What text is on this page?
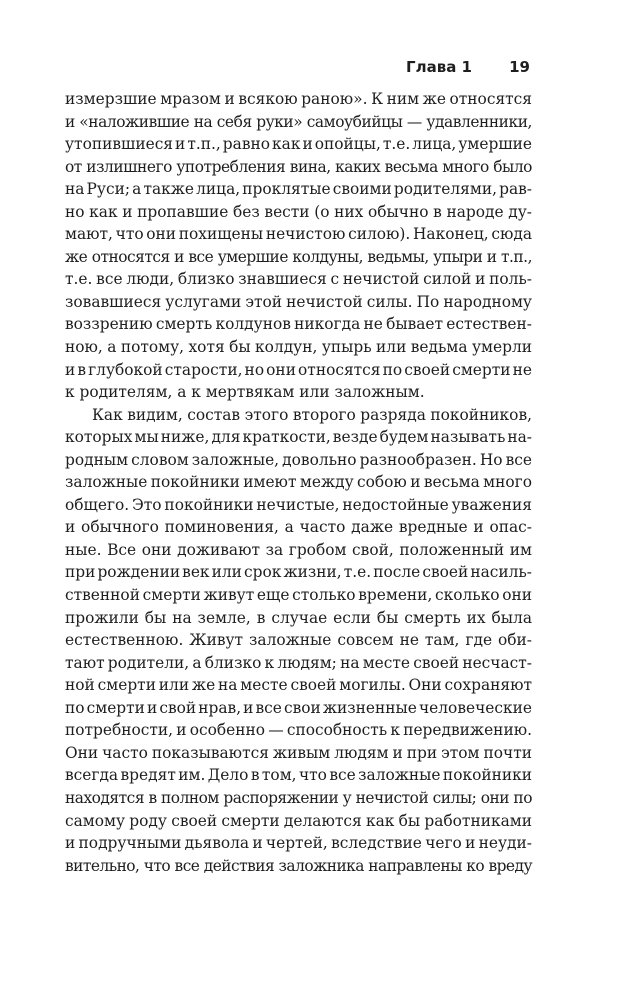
Глава 1 19
измерзшие мразом и всякою раною». К ним же относятся
и «наложившие на себя руки» самоубийцы — удавленники,
утопившиеся и т.п., равно как и опойцы, т.е. лица, умершие
от излишнего употребления вина, каких весьма много было
на Руси; а также лица, проклятые своими родителями, рав-
но как и пропавшие без вести (о них обычно в народе ду-
мают, что они похищены нечистою силою). Наконец, сюда
же относятся и все умершие колдуны, ведьмы, упыри и т.п.,
т.е. все люди, близко знавшиеся с нечистой силой и поль-
зовавшиеся услугами этой нечистой силы. По народному
воззрению смерть колдунов никогда не бывает естествен-
ною, а потому, хотя бы колдун, упырь или ведьма умерли
и в глубокой старости, но они относятся по своей смерти не
к родителям, а к мертвякам или заложным.
Как видим, состав этого второго разряда покойников,
которых мы ниже, для краткости, везде будем называть на-
родным словом заложные, довольно разнообразен. Но все
заложные покойники имеют между собою и весьма много
общего. Это покойники нечистые, недостойные уважения
и обычного поминовения, а часто даже вредные и опас-
ные. Все они доживают за гробом свой, положенный им
при рождении век или срок жизни, т.е. после своей насиль-
ственной смерти живут еще столько времени, сколько они
прожили бы на земле, в случае если бы смерть их была
естественною. Живут заложные совсем не там, где оби-
тают родители, а близко к людям; на месте своей несчаст-
ной смерти или же на месте своей могилы. Они сохраняют
по смерти и свой нрав, и все свои жизненные человеческие
потребности, и особенно — способность к передвижению.
Они часто показываются живым людям и при этом почти
всегда вредят им. Дело в том, что все заложные покойники
находятся в полном распоряжении у нечистой силы; они по
самому роду своей смерти делаются как бы работниками
и подручными дьявола и чертей, вследствие чего и неуди-
вительно, что все действия заложника направлены ко вреду
